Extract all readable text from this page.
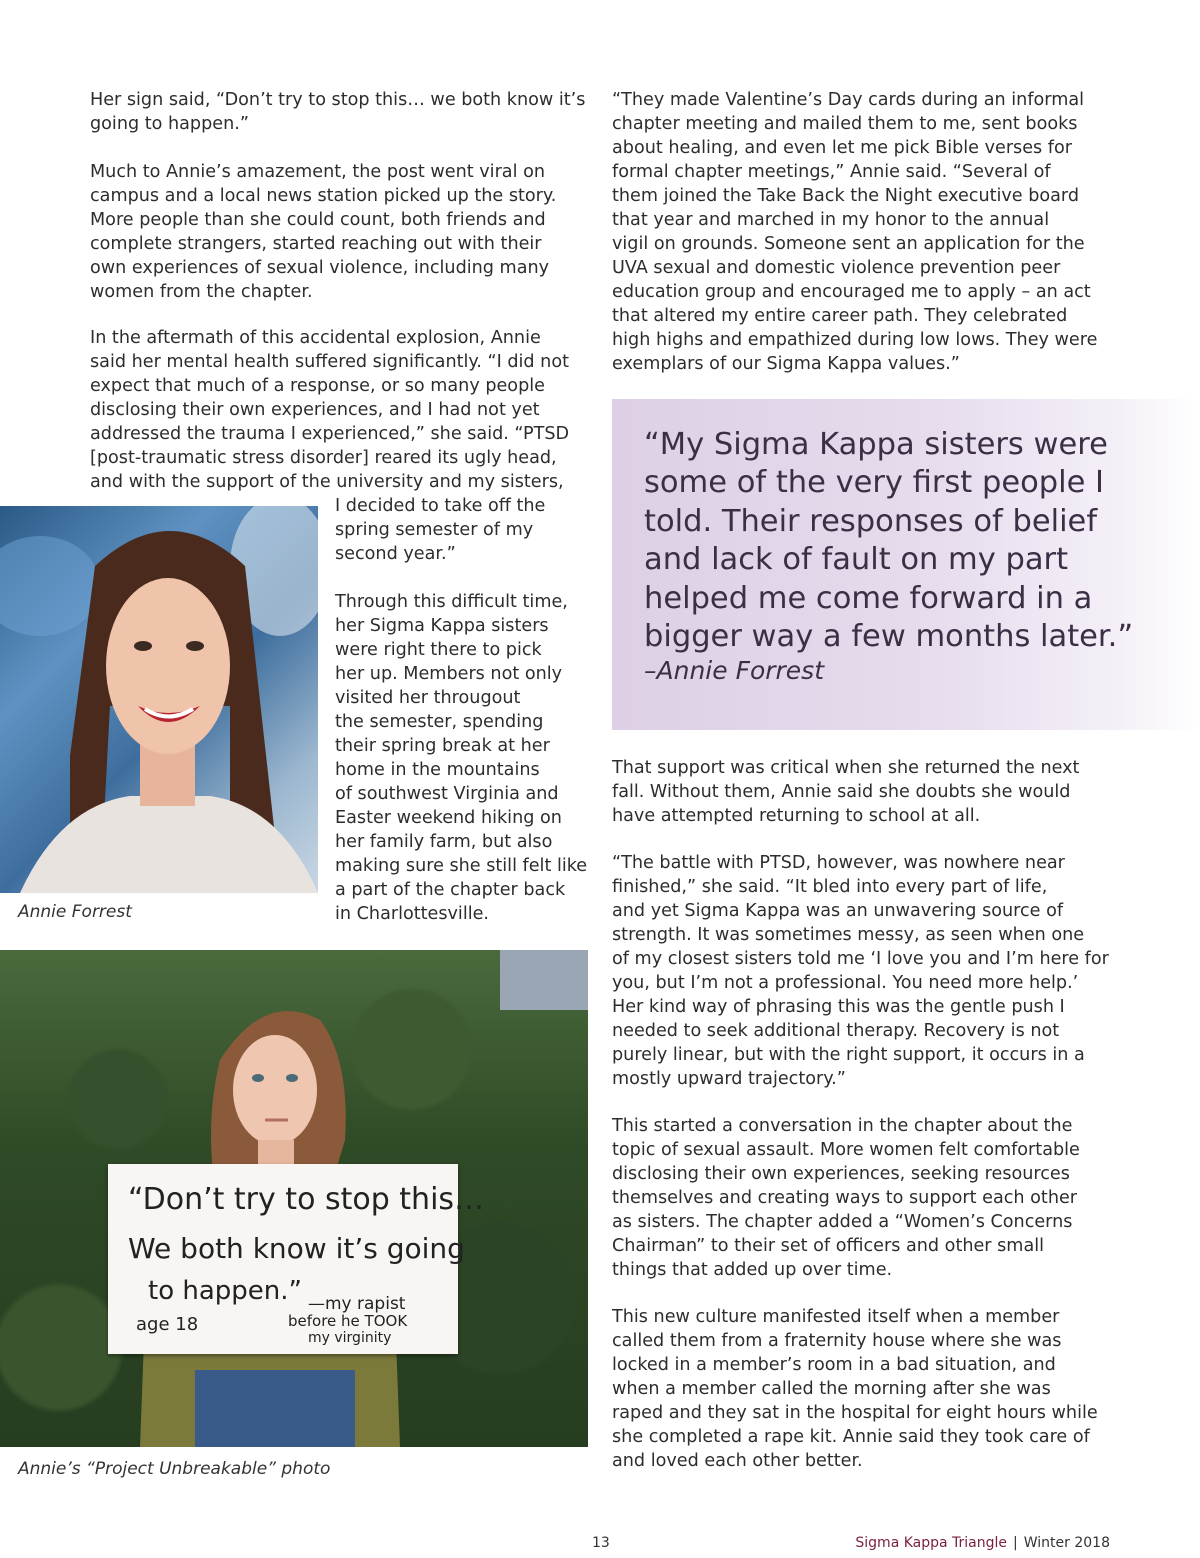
Her sign said, “Don’t try to stop this… we both know it’s
going to happen.”
Much to Annie’s amazement, the post went viral on
campus and a local news station picked up the story.
More people than she could count, both friends and
complete strangers, started reaching out with their
own experiences of sexual violence, including many
women from the chapter.
In the aftermath of this accidental explosion, Annie
said her mental health suffered significantly. “I did not
expect that much of a response, or so many people
disclosing their own experiences, and I had not yet
addressed the trauma I experienced,” she said. “PTSD
[post-traumatic stress disorder] reared its ugly head,
and with the support of the university and my sisters,
I decided to take off the
spring semester of my
second year.”
Through this difficult time,
her Sigma Kappa sisters
were right there to pick
her up. Members not only
visited her througout
the semester, spending
their spring break at her
home in the mountains
of southwest Virginia and
Easter weekend hiking on
her family farm, but also
making sure she still felt like
a part of the chapter back
in Charlottesville.
Annie Forrest
“Don’t try to stop this…
We both know it’s going
to happen.”
age 18
—my rapist
before he TOOK
my virginity
Annie’s “Project Unbreakable” photo
“They made Valentine’s Day cards during an informal
chapter meeting and mailed them to me, sent books
about healing, and even let me pick Bible verses for
formal chapter meetings,” Annie said. “Several of
them joined the Take Back the Night executive board
that year and marched in my honor to the annual
vigil on grounds. Someone sent an application for the
UVA sexual and domestic violence prevention peer
education group and encouraged me to apply – an act
that altered my entire career path. They celebrated
high highs and empathized during low lows. They were
exemplars of our Sigma Kappa values.”
“My Sigma Kappa sisters were
some of the very first people I
told. Their responses of belief
and lack of fault on my part
helped me come forward in a
bigger way a few months later.”
–Annie Forrest
That support was critical when she returned the next
fall. Without them, Annie said she doubts she would
have attempted returning to school at all.
“The battle with PTSD, however, was nowhere near
finished,” she said. “It bled into every part of life,
and yet Sigma Kappa was an unwavering source of
strength. It was sometimes messy, as seen when one
of my closest sisters told me ‘I love you and I’m here for
you, but I’m not a professional. You need more help.’
Her kind way of phrasing this was the gentle push I
needed to seek additional therapy. Recovery is not
purely linear, but with the right support, it occurs in a
mostly upward trajectory.”
This started a conversation in the chapter about the
topic of sexual assault. More women felt comfortable
disclosing their own experiences, seeking resources
themselves and creating ways to support each other
as sisters. The chapter added a “Women’s Concerns
Chairman” to their set of officers and other small
things that added up over time.
This new culture manifested itself when a member
called them from a fraternity house where she was
locked in a member’s room in a bad situation, and
when a member called the morning after she was
raped and they sat in the hospital for eight hours while
she completed a rape kit. Annie said they took care of
and loved each other better.
13	Sigma Kappa Triangle | Winter 2018
